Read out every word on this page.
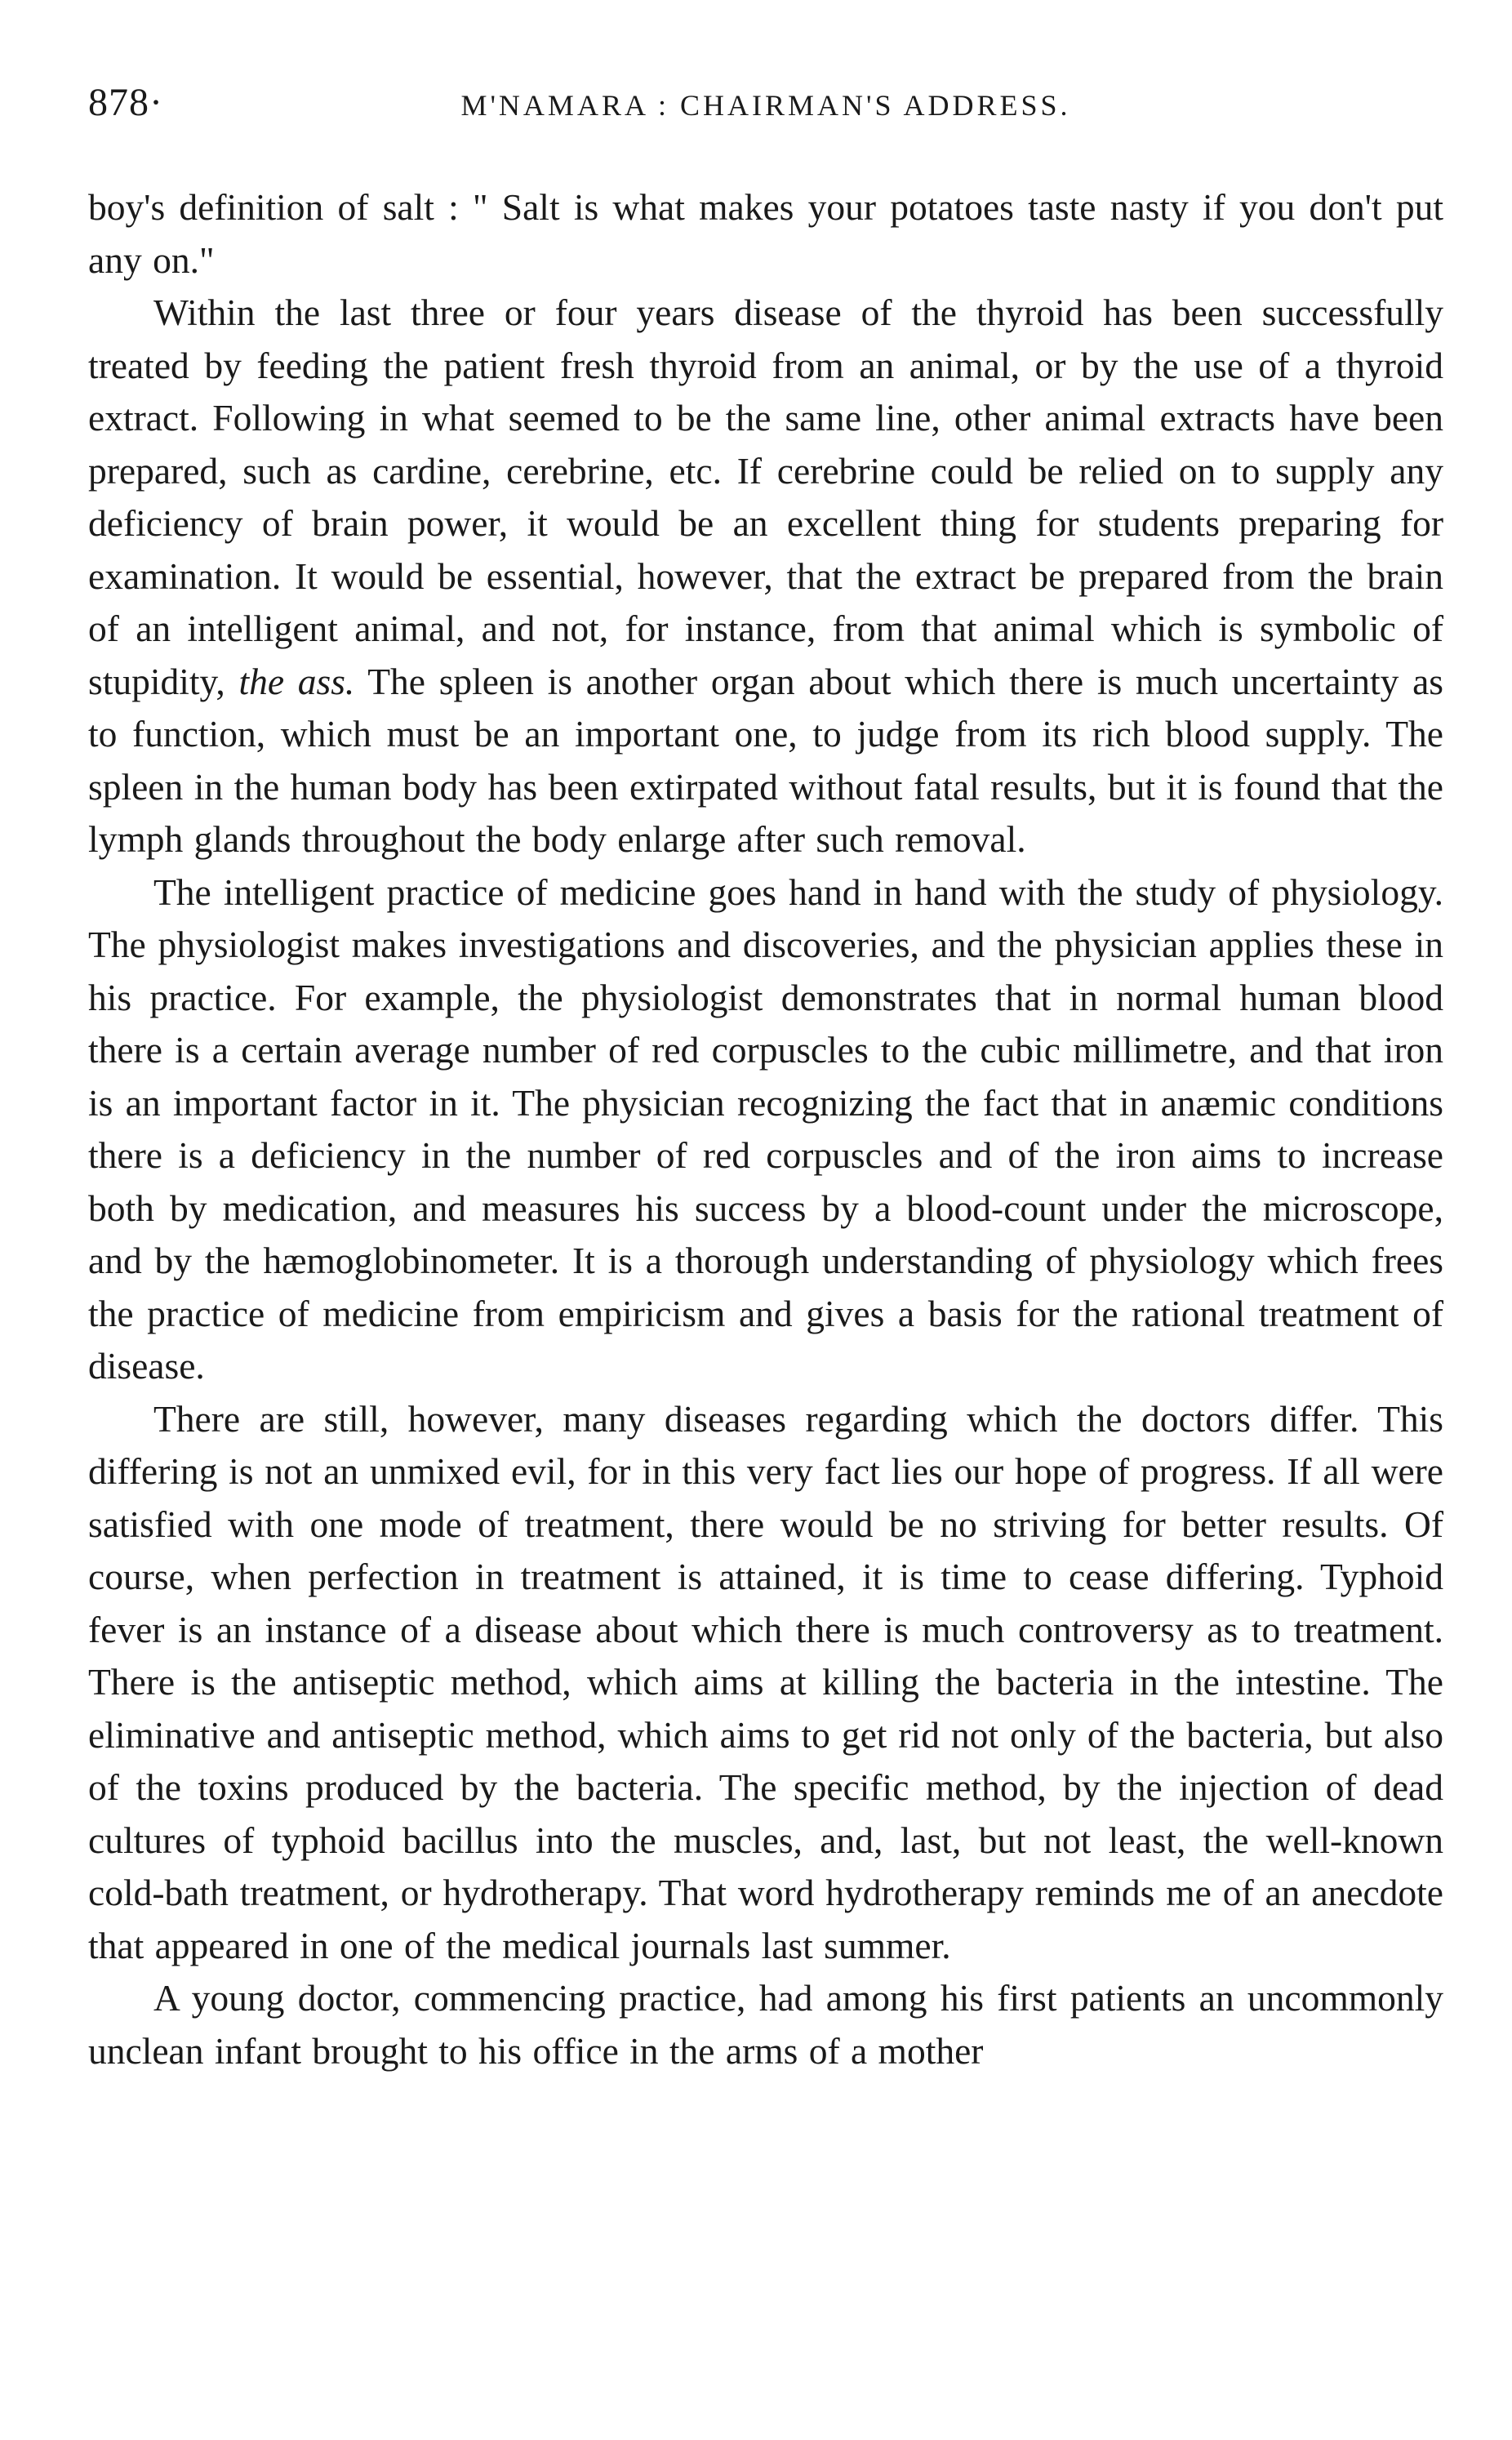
878·	M'NAMARA : CHAIRMAN'S ADDRESS.

boy's definition of salt : " Salt is what makes your potatoes taste nasty if you don't put any on."

Within the last three or four years disease of the thyroid has been successfully treated by feeding the patient fresh thyroid from an animal, or by the use of a thyroid extract. Following in what seemed to be the same line, other animal extracts have been prepared, such as cardine, cerebrine, etc. If cerebrine could be relied on to supply any deficiency of brain power, it would be an excellent thing for students preparing for examination. It would be essential, however, that the extract be prepared from the brain of an intelligent animal, and not, for instance, from that animal which is symbolic of stupidity, the ass. The spleen is another organ about which there is much uncertainty as to function, which must be an important one, to judge from its rich blood supply. The spleen in the human body has been extirpated without fatal results, but it is found that the lymph glands throughout the body enlarge after such removal.

The intelligent practice of medicine goes hand in hand with the study of physiology. The physiologist makes investigations and discoveries, and the physician applies these in his practice. For example, the physiologist demonstrates that in normal human blood there is a certain average number of red corpuscles to the cubic millimetre, and that iron is an important factor in it. The physician recognizing the fact that in anæmic conditions there is a deficiency in the number of red corpuscles and of the iron aims to increase both by medication, and measures his success by a blood-count under the microscope, and by the hæmoglobinometer. It is a thorough understanding of physiology which frees the practice of medicine from empiricism and gives a basis for the rational treatment of disease.

There are still, however, many diseases regarding which the doctors differ. This differing is not an unmixed evil, for in this very fact lies our hope of progress. If all were satisfied with one mode of treatment, there would be no striving for better results. Of course, when perfection in treatment is attained, it is time to cease differing. Typhoid fever is an instance of a disease about which there is much controversy as to treatment. There is the antiseptic method, which aims at killing the bacteria in the intestine. The eliminative and antiseptic method, which aims to get rid not only of the bacteria, but also of the toxins produced by the bacteria. The specific method, by the injection of dead cultures of typhoid bacillus into the muscles, and, last, but not least, the well-known cold-bath treatment, or hydrotherapy. That word hydrotherapy reminds me of an anecdote that appeared in one of the medical journals last summer.

A young doctor, commencing practice, had among his first patients an uncommonly unclean infant brought to his office in the arms of a mother
